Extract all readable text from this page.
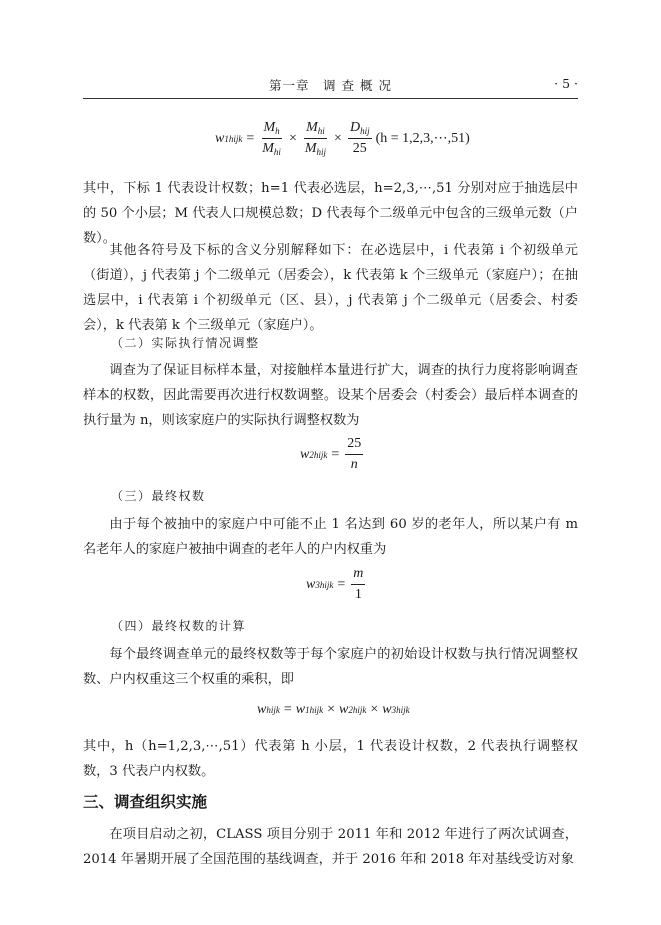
第一章　调 查 概 况	· 5 ·
w 1hijk = $\frac{M_h}{M_{hi}} \times \frac{M_{hi}}{M_{hij}} \times \frac{D_{hij}}{25} (h$ = 1,2,3,⋯,51)

其中，下标 1 代表设计权数；h=1 代表必选层，h=2,3,⋯,51 分别对应于抽选层中的 50 个小层；M 代表人口规模总数；D 代表每个二级单元中包含的三级单元数（户数）。

其他各符号及下标的含义分别解释如下：在必选层中，i 代表第 i 个初级单元（街道），j 代表第 j 个二级单元（居委会），k 代表第 k 个三级单元（家庭户）；在抽选层中，i 代表第 i 个初级单元（区、县），j 代表第 j 个二级单元（居委会、村委会），k 代表第 k 个三级单元（家庭户）。

（二）实际执行情况调整

调查为了保证目标样本量，对接触样本量进行扩大，调查的执行力度将影响调查样本的权数，因此需要再次进行权数调整。设某个居委会（村委会）最后样本调查的执行量为 n，则该家庭户的实际执行调整权数为

w 2hijk = $\frac{25}{n}$

（三）最终权数

由于每个被抽中的家庭户中可能不止 1 名达到 60 岁的老年人，所以某户有 m 名老年人的家庭户被抽中调查的老年人的户内权重为

w 3hijk = $\frac{m}{1}$

（四）最终权数的计算

每个最终调查单元的最终权数等于每个家庭户的初始设计权数与执行情况调整权数、户内权重这三个权重的乘积，即

w hijk = w 1hijk × w 2hijk × w 3hijk

其中，h（h=1,2,3,⋯,51）代表第 h 小层，1 代表设计权数，2 代表执行调整权数，3 代表户内权数。

三、调查组织实施

在项目启动之初，CLASS 项目分别于 2011 年和 2012 年进行了两次试调查，2014 年暑期开展了全国范围的基线调查，并于 2016 年和 2018 年对基线受访对象
